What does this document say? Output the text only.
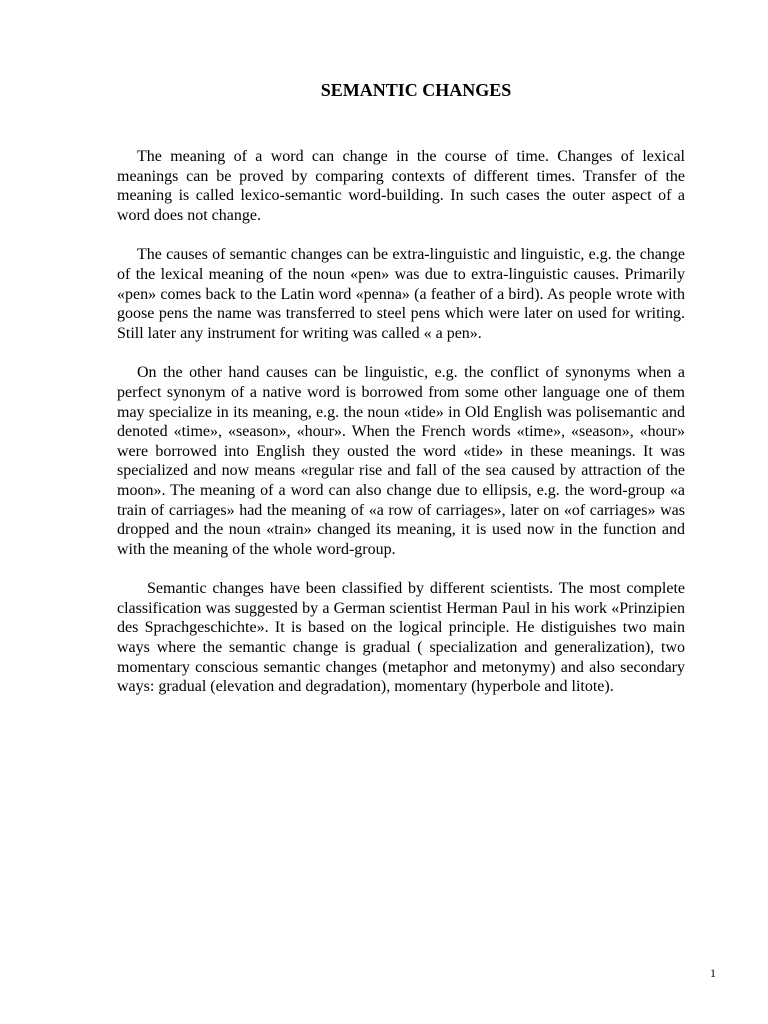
SEMANTIC CHANGES

The meaning of a word can change in the course of time. Changes of lexical meanings can be proved by comparing contexts of different times. Transfer of the meaning is called lexico-semantic word-building. In such cases the outer aspect of a word does not change.

The causes of semantic changes can be extra-linguistic and linguistic, e.g. the change of the lexical meaning of the noun «pen» was due to extra-linguistic causes. Primarily «pen» comes back to the Latin word «penna» (a feather of a bird). As people wrote with goose pens the name was transferred to steel pens which were later on used for writing. Still later any instrument for writing was called « a pen».

On the other hand causes can be linguistic, e.g. the conflict of synonyms when a perfect synonym of a native word is borrowed from some other language one of them may specialize in its meaning, e.g. the noun «tide» in Old English was polisemantic and denoted «time», «season», «hour». When the French words «time», «season», «hour» were borrowed into English they ousted the word «tide» in these meanings. It was specialized and now means «regular rise and fall of the sea caused by attraction of the moon». The meaning of a word can also change due to ellipsis, e.g. the word-group «a train of carriages» had the meaning of «a row of carriages», later on «of carriages» was dropped and the noun «train» changed its meaning, it is used now in the function and with the meaning of the whole word-group.

Semantic changes have been classified by different scientists. The most complete classification was suggested by a German scientist Herman Paul in his work «Prinzipien des Sprachgeschichte». It is based on the logical principle. He distiguishes two main ways where the semantic change is gradual ( specialization and generalization), two momentary conscious semantic changes (metaphor and metonymy) and also secondary ways: gradual (elevation and degradation), momentary (hyperbole and litote).

1
